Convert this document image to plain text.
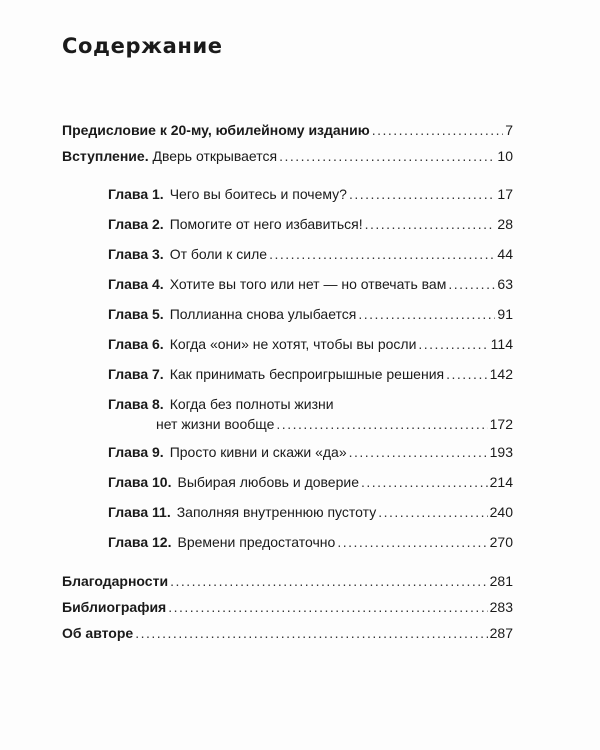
Содержание
Предисловие к 20-му, юбилейному изданию .....	7
Вступление. Дверь открывается .....	10
Глава 1. Чего вы боитесь и почему? .....	17
Глава 2. Помогите от него избавиться! .....	28
Глава 3. От боли к силе .....	44
Глава 4. Хотите вы того или нет — но отвечать вам .....	63
Глава 5. Поллианна снова улыбается .....	91
Глава 6. Когда «они» не хотят, чтобы вы росли .....	114
Глава 7. Как принимать беспроигрышные решения .....	142
Глава 8. Когда без полноты жизни
нет жизни вообще .....	172
Глава 9. Просто кивни и скажи «да» .....	193
Глава 10. Выбирая любовь и доверие .....	214
Глава 11. Заполняя внутреннюю пустоту .....	240
Глава 12. Времени предостаточно .....	270
Благодарности .....	281
Библиография .....	283
Об авторе .....	287
